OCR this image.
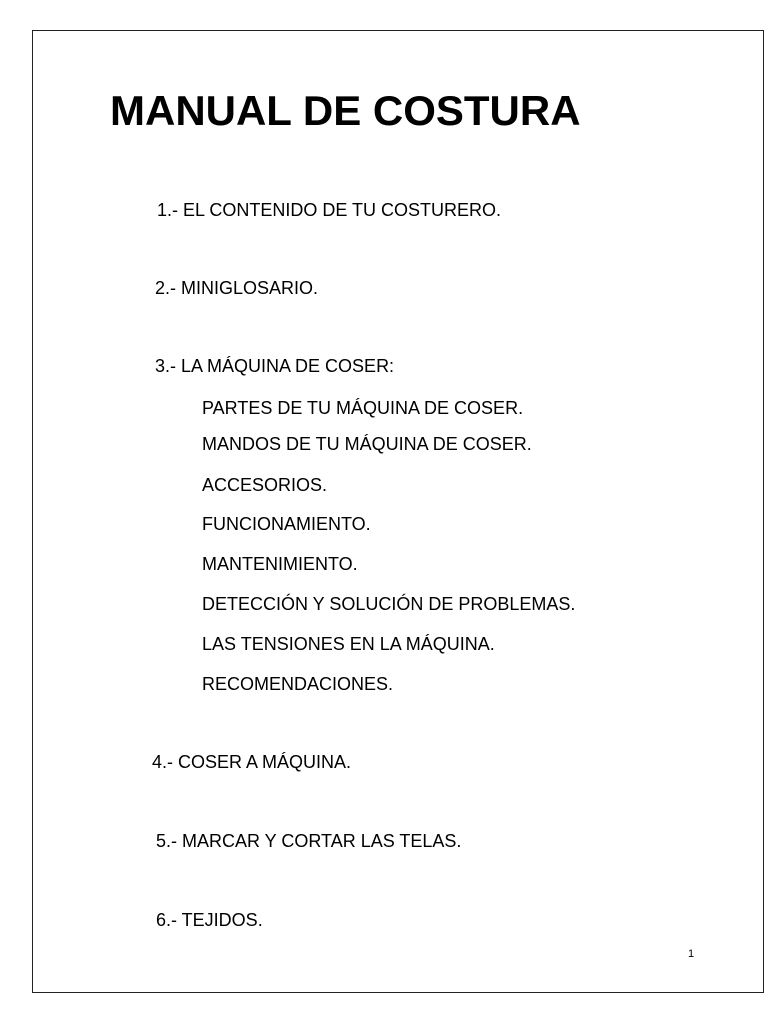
MANUAL DE COSTURA

1.- EL CONTENIDO DE TU COSTURERO.

2.- MINIGLOSARIO.

3.- LA MÁQUINA DE COSER:

PARTES DE TU MÁQUINA DE COSER.

MANDOS DE TU MÁQUINA DE COSER.

ACCESORIOS.

FUNCIONAMIENTO.

MANTENIMIENTO.

DETECCIÓN Y SOLUCIÓN DE PROBLEMAS.

LAS TENSIONES EN LA MÁQUINA.

RECOMENDACIONES.

4.- COSER A MÁQUINA.

5.- MARCAR Y CORTAR LAS TELAS.

6.- TEJIDOS.

1
